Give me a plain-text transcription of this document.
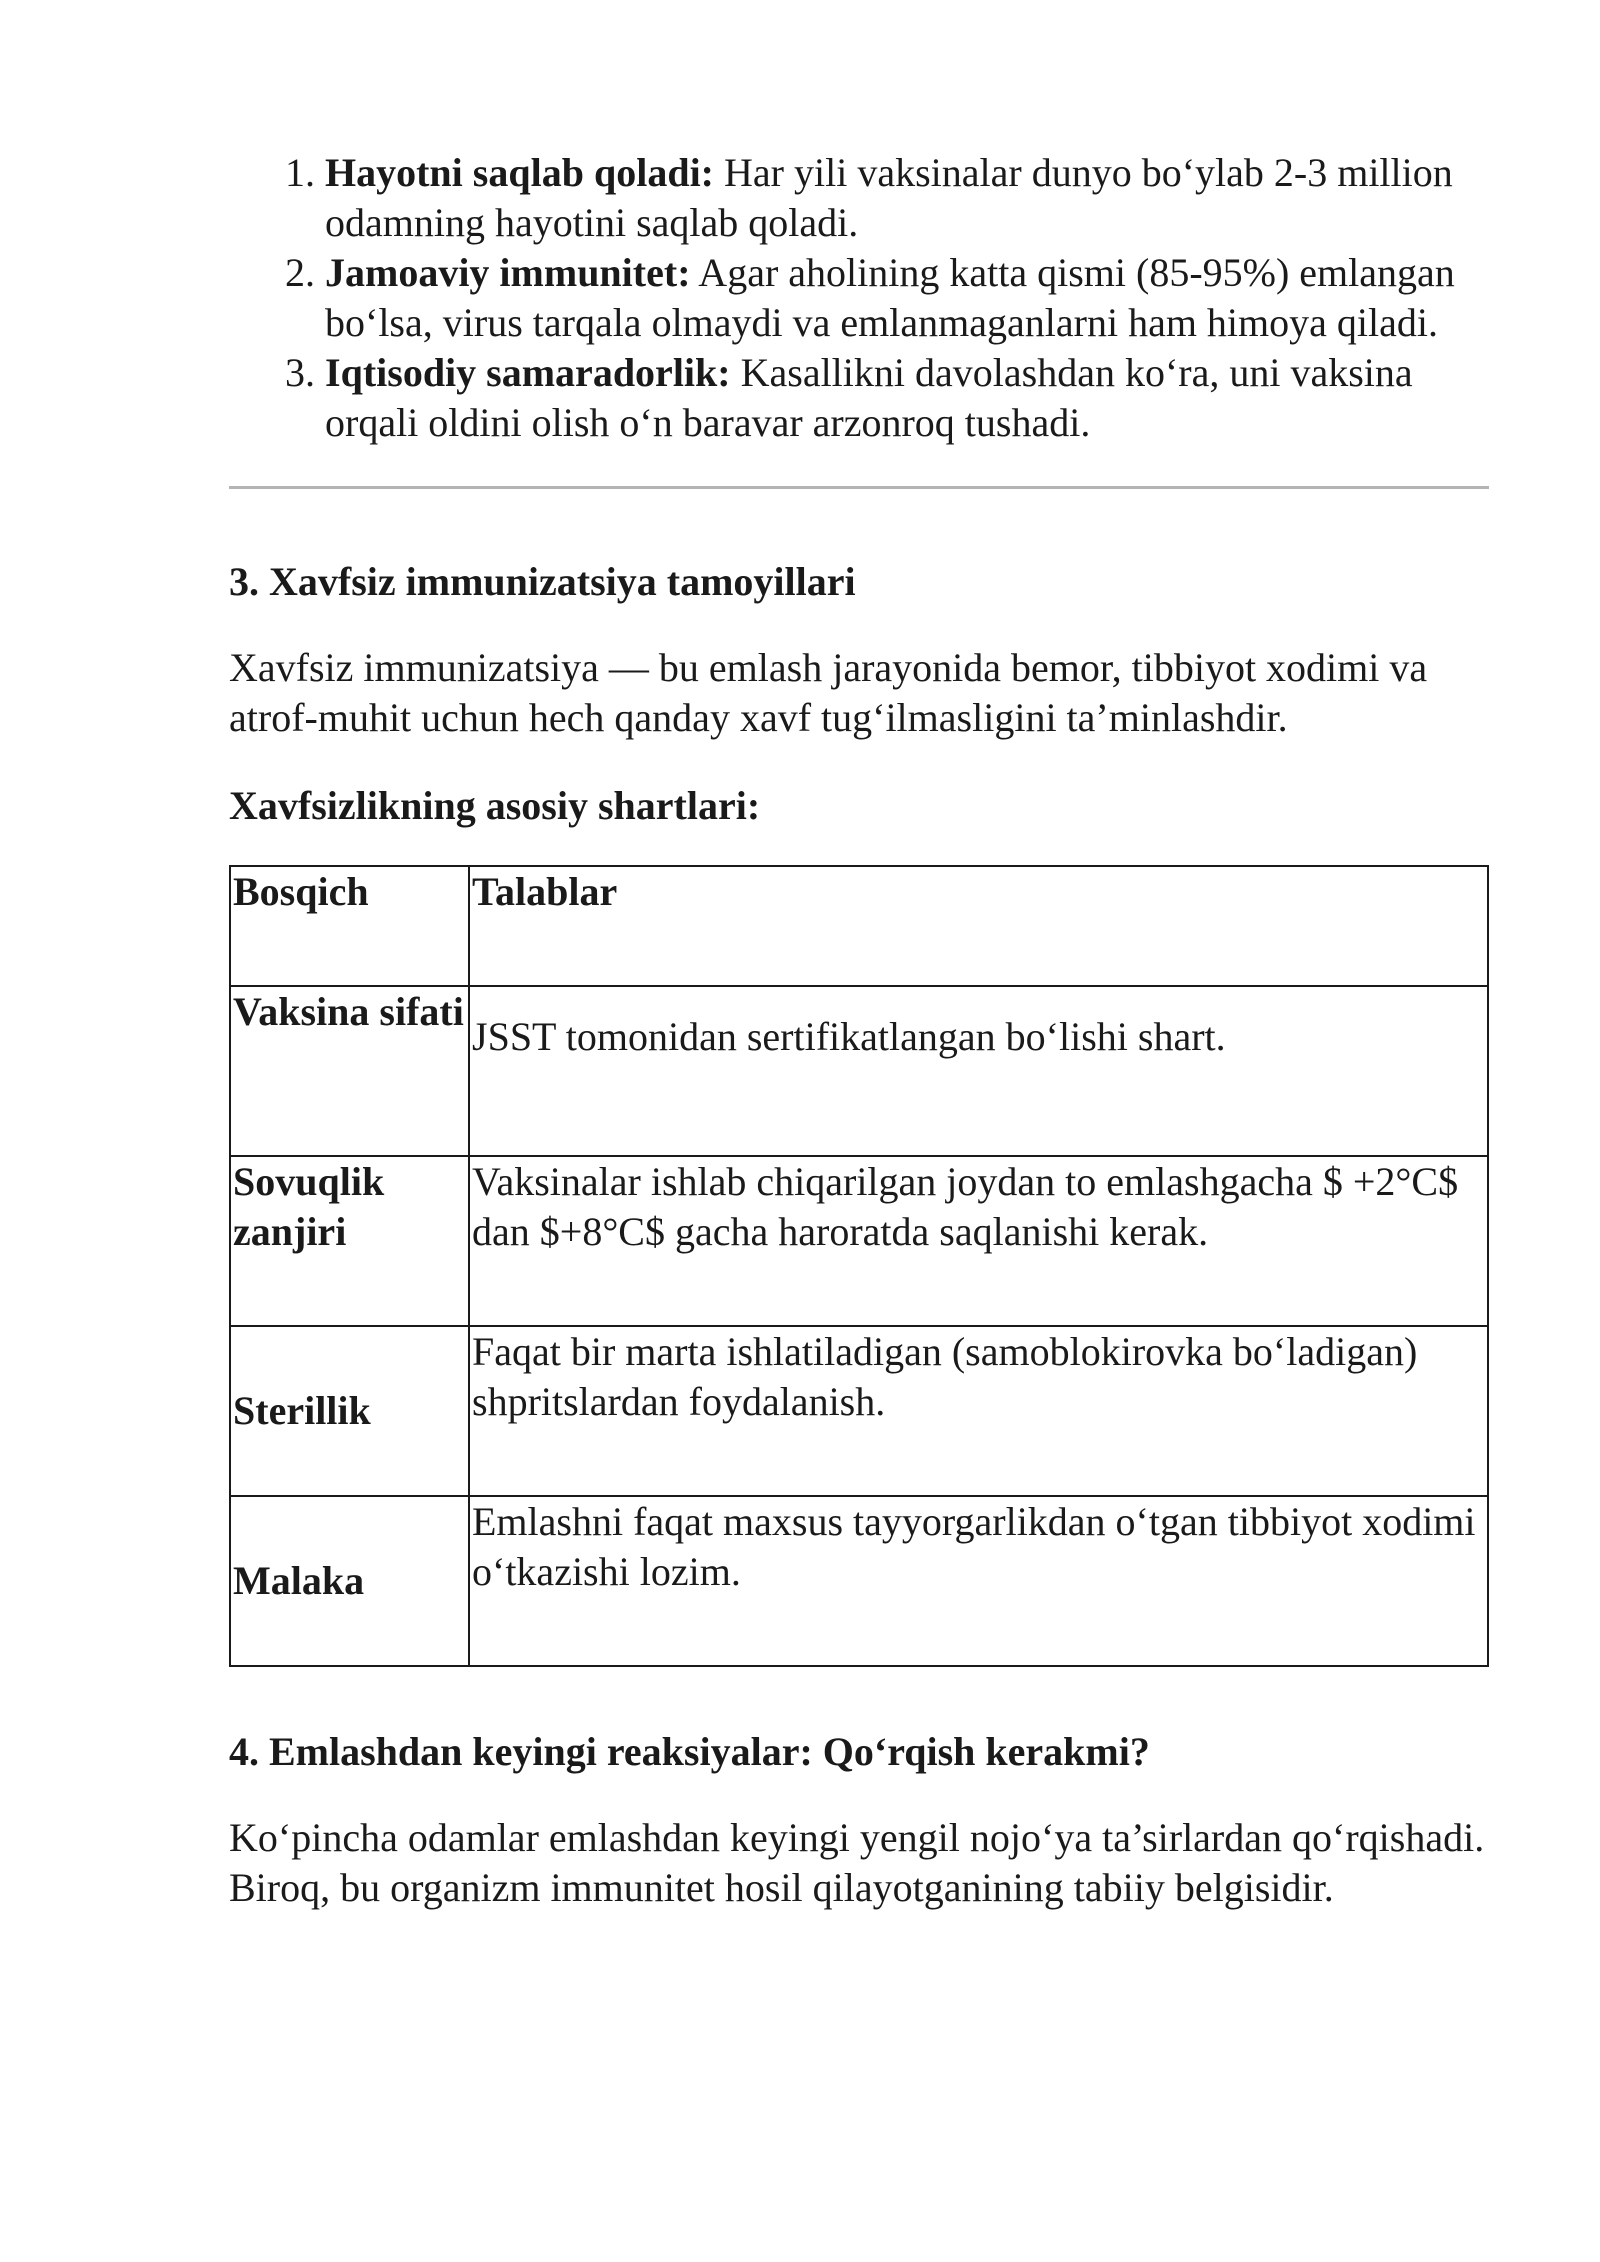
1. Hayotni saqlab qoladi: Har yili vaksinalar dunyo bo‘ylab 2-3 million odamning hayotini saqlab qoladi.
2. Jamoaviy immunitet: Agar aholining katta qismi (85-95%) emlangan bo‘lsa, virus tarqala olmaydi va emlanmaganlarni ham himoya qiladi.
3. Iqtisodiy samaradorlik: Kasallikni davolashdan ko‘ra, uni vaksina orqali oldini olish o‘n baravar arzonroq tushadi.
3. Xavfsiz immunizatsiya tamoyillari

Xavfsiz immunizatsiya — bu emlash jarayonida bemor, tibbiyot xodimi va atrof-muhit uchun hech qanday xavf tug‘ilmasligini ta’minlashdir.

Xavfsizlikning asosiy shartlari:
Bosqich	Talablar
Vaksina sifati	JSST tomonidan sertifikatlangan bo‘lishi shart.
Sovuqlik zanjiri	Vaksinalar ishlab chiqarilgan joydan to emlashgacha $ +2°C$ dan $+8°C$ gacha haroratda saqlanishi kerak.
Sterillik	Faqat bir marta ishlatiladigan (samoblokirovka bo‘ladigan) shpritslardan foydalanish.
Malaka	Emlashni faqat maxsus tayyorgarlikdan o‘tgan tibbiyot xodimi o‘tkazishi lozim.
4. Emlashdan keyingi reaksiyalar: Qo‘rqish kerakmi?

Ko‘pincha odamlar emlashdan keyingi yengil nojo‘ya ta’sirlardan qo‘rqishadi. Biroq, bu organizm immunitet hosil qilayotganining tabiiy belgisidir.
